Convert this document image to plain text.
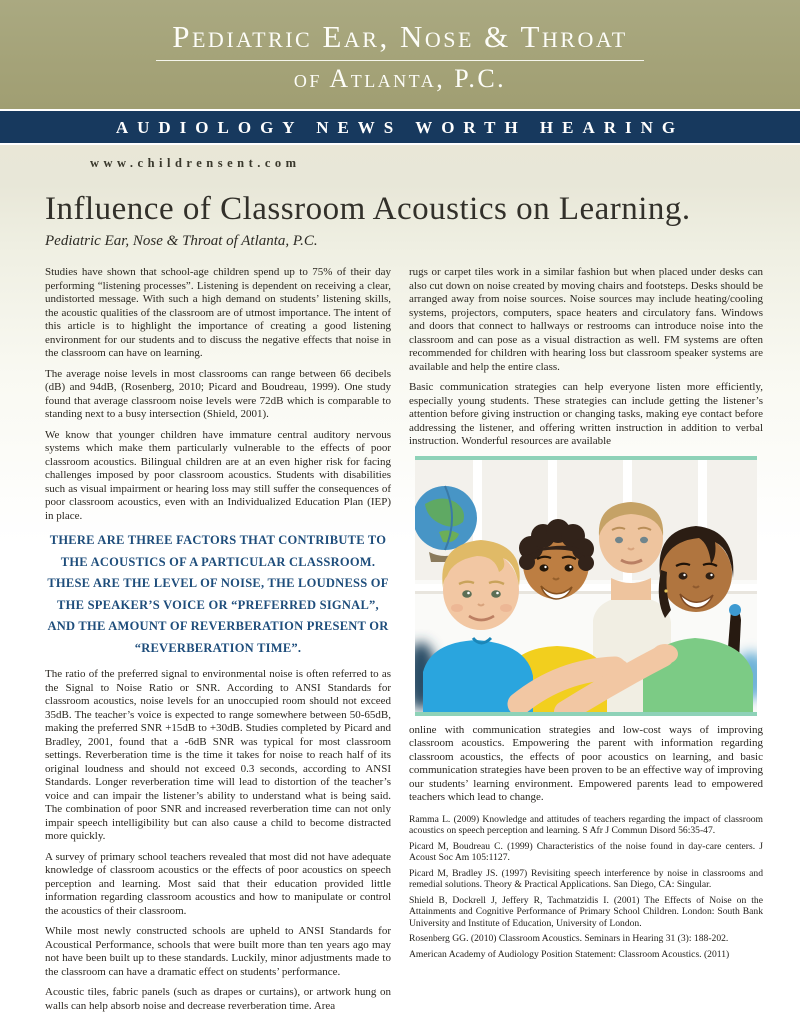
Pediatric Ear, Nose & Throat
of Atlanta, P.C.
AUDIOLOGY NEWS WORTH HEARING
www.childrensent.com
Influence of Classroom Acoustics on Learning.
Pediatric Ear, Nose & Throat of Atlanta, P.C.

Studies have shown that school-age children spend up to 75% of their day performing “listening processes”. Listening is dependent on receiving a clear, undistorted message. With such a high demand on students’ listening skills, the acoustic qualities of the classroom are of utmost importance. The intent of this article is to highlight the importance of creating a good listening environment for our students and to discuss the negative effects that noise in the classroom can have on learning.

The average noise levels in most classrooms can range between 66 decibels (dB) and 94dB, (Rosenberg, 2010; Picard and Boudreau, 1999). One study found that average classroom noise levels were 72dB which is comparable to standing next to a busy intersection (Shield, 2001).

We know that younger children have immature central auditory nervous systems which make them particularly vulnerable to the effects of poor classroom acoustics. Bilingual children are at an even higher risk for facing challenges imposed by poor classroom acoustics. Students with disabilities such as visual impairment or hearing loss may still suffer the consequences of poor classroom acoustics, even with an Individualized Education Plan (IEP) in place.

THERE ARE THREE FACTORS THAT CONTRIBUTE TO THE ACOUSTICS OF A PARTICULAR CLASSROOM. THESE ARE THE LEVEL OF NOISE, THE LOUDNESS OF THE SPEAKER’S VOICE OR “PREFERRED SIGNAL”, AND THE AMOUNT OF REVERBERATION PRESENT OR “REVERBERATION TIME”.

The ratio of the preferred signal to environmental noise is often referred to as the Signal to Noise Ratio or SNR. According to ANSI Standards for classroom acoustics, noise levels for an unoccupied room should not exceed 35dB. The teacher’s voice is expected to range somewhere between 50-65dB, making the preferred SNR +15dB to +30dB. Studies completed by Picard and Bradley, 2001, found that a -6dB SNR was typical for most classroom settings. Reverberation time is the time it takes for noise to reach half of its original loudness and should not exceed 0.3 seconds, according to ANSI Standards. Longer reverberation time will lead to distortion of the teacher’s voice and can impair the listener’s ability to understand what is being said. The combination of poor SNR and increased reverberation time can not only impair speech intelligibility but can also cause a child to become distracted more quickly.

A survey of primary school teachers revealed that most did not have adequate knowledge of classroom acoustics or the effects of poor acoustics on speech perception and learning. Most said that their education provided little information regarding classroom acoustics and how to manipulate or control the acoustics of their classroom.

While most newly constructed schools are upheld to ANSI Standards for Acoustical Performance, schools that were built more than ten years ago may not have been built up to these standards. Luckily, minor adjustments made to the classroom can have a dramatic effect on students’ performance.

Acoustic tiles, fabric panels (such as drapes or curtains), or artwork hung on walls can help absorb noise and decrease reverberation time. Area

rugs or carpet tiles work in a similar fashion but when placed under desks can also cut down on noise created by moving chairs and footsteps. Desks should be arranged away from noise sources. Noise sources may include heating/cooling systems, projectors, computers, space heaters and circulatory fans. Windows and doors that connect to hallways or restrooms can introduce noise into the classroom and can pose as a visual distraction as well. FM systems are often recommended for children with hearing loss but classroom speaker systems are available and help the entire class.

Basic communication strategies can help everyone listen more efficiently, especially young students. These strategies can include getting the listener’s attention before giving instruction or changing tasks, making eye contact before addressing the listener, and offering written instruction in addition to verbal instruction. Wonderful resources are available

online with communication strategies and low-cost ways of improving classroom acoustics. Empowering the parent with information regarding classroom acoustics, the effects of poor acoustics on learning, and basic communication strategies have been proven to be an effective way of improving our students’ learning environment. Empowered parents lead to empowered teachers which lead to change.

Ramma L. (2009) Knowledge and attitudes of teachers regarding the impact of classroom acoustics on speech perception and learning. S Afr J Commun Disord 56:35-47.
Picard M, Boudreau C. (1999) Characteristics of the noise found in day-care centers. J Acoust Soc Am 105:1127.
Picard M, Bradley JS. (1997) Revisiting speech interference by noise in classrooms and remedial solutions. Theory & Practical Applications. San Diego, CA: Singular.
Shield B, Dockrell J, Jeffery R, Tachmatzidis I. (2001) The Effects of Noise on the Attainments and Cognitive Performance of Primary School Children. London: South Bank University and Institute of Education, University of London.
Rosenberg GG. (2010) Classroom Acoustics. Seminars in Hearing 31 (3): 188-202.
American Academy of Audiology Position Statement: Classroom Acoustics. (2011)
